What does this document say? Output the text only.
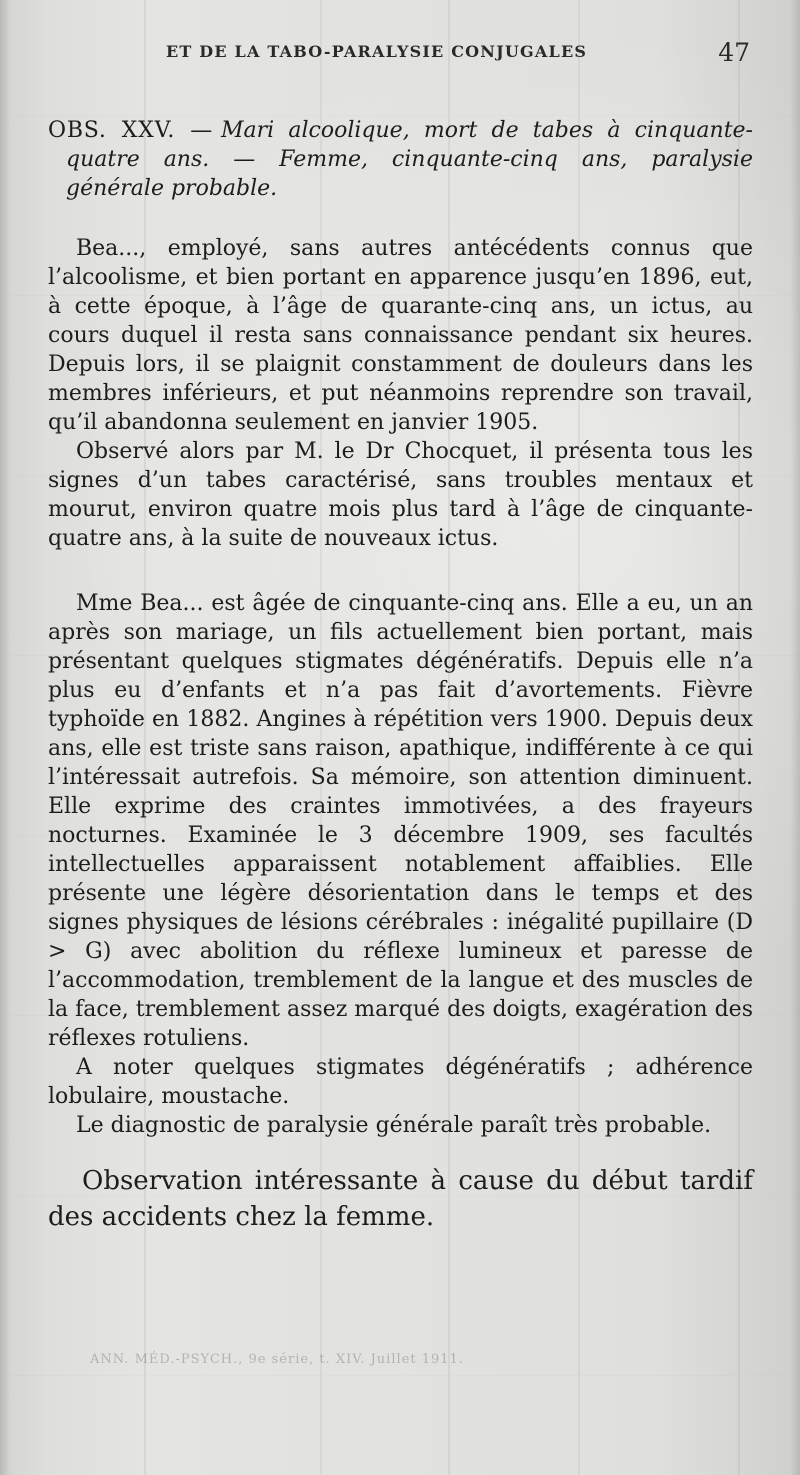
ET DE LA TABO-PARALYSIE CONJUGALES	47
OBS. XXV. — Mari alcoolique, mort de tabes à cinquante-quatre ans. — Femme, cinquante-cinq ans, paralysie générale probable.

Bea..., employé, sans autres antécédents connus que l’alcoolisme, et bien portant en apparence jusqu’en 1896, eut, à cette époque, à l’âge de quarante-cinq ans, un ictus, au cours duquel il resta sans connaissance pendant six heures. Depuis lors, il se plaignit constamment de douleurs dans les membres inférieurs, et put néanmoins reprendre son travail, qu’il abandonna seulement en janvier 1905.

Observé alors par M. le Dr Chocquet, il présenta tous les signes d’un tabes caractérisé, sans troubles mentaux et mourut, environ quatre mois plus tard à l’âge de cinquante-quatre ans, à la suite de nouveaux ictus.

Mme Bea... est âgée de cinquante-cinq ans. Elle a eu, un an après son mariage, un fils actuellement bien portant, mais présentant quelques stigmates dégénératifs. Depuis elle n’a plus eu d’enfants et n’a pas fait d’avortements. Fièvre typhoïde en 1882. Angines à répétition vers 1900. Depuis deux ans, elle est triste sans raison, apathique, indifférente à ce qui l’intéressait autrefois. Sa mémoire, son attention diminuent. Elle exprime des craintes immotivées, a des frayeurs nocturnes. Examinée le 3 décembre 1909, ses facultés intellectuelles apparaissent notablement affaiblies. Elle présente une légère désorientation dans le temps et des signes physiques de lésions cérébrales : inégalité pupillaire (D > G) avec abolition du réflexe lumineux et paresse de l’accommodation, tremblement de la langue et des muscles de la face, tremblement assez marqué des doigts, exagération des réflexes rotuliens.

A noter quelques stigmates dégénératifs ; adhérence lobulaire, moustache.

Le diagnostic de paralysie générale paraît très probable.

Observation intéressante à cause du début tardif des accidents chez la femme.
ANN. MÉD.-PSYCH., 9e série, t. XIV. Juillet 1911.
